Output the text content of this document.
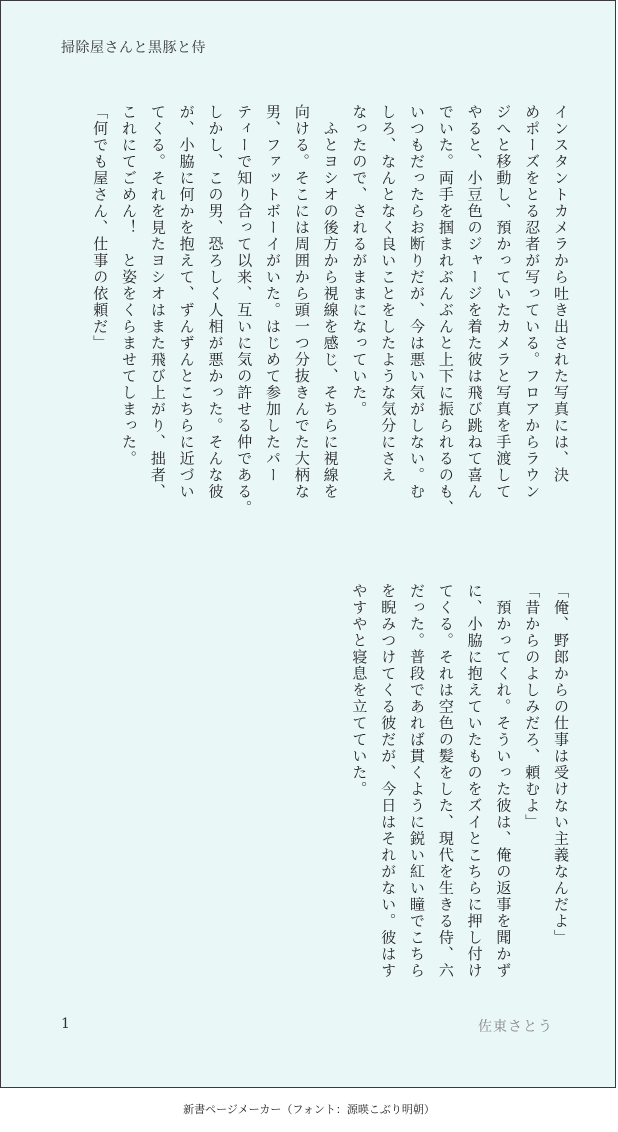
掃除屋さんと黒豚と侍
インスタントカメラから吐き出された写真には、決
めポーズをとる忍者が写っている。フロアからラウン
ジへと移動し、預かっていたカメラと写真を手渡して
やると、小豆色のジャージを着た彼は飛び跳ねて喜ん
でいた。両手を掴まれぶんぶんと上下に振られるのも、
いつもだったらお断りだが、今は悪い気がしない。む
しろ、なんとなく良いことをしたような気分にさえ
なったので、されるがままになっていた。
　ふとヨシオの後方から視線を感じ、そちらに視線を
向ける。そこには周囲から頭一つ分抜きんでた大柄な
男、ファットボーイがいた。はじめて参加したパー
ティーで知り合って以来、互いに気の許せる仲である。
しかし、この男、恐ろしく人相が悪かった。そんな彼
が、小脇に何かを抱えて、ずんずんとこちらに近づい
てくる。それを見たヨシオはまた飛び上がり、拙者、
これにてごめん！　と姿をくらませてしまった。
「何でも屋さん、仕事の依頼だ」
「俺、野郎からの仕事は受けない主義なんだよ」
「昔からのよしみだろ、頼むよ」
　預かってくれ。そういった彼は、俺の返事を聞かず
に、小脇に抱えていたものをズイとこちらに押し付け
てくる。それは空色の髪をした、現代を生きる侍、六
だった。普段であれば貫くように鋭い紅い瞳でこちら
を睨みつけてくる彼だが、今日はそれがない。彼はす
やすやと寝息を立てていた。
1	佐東さとう
新書ページメーカー（フォント：源暎こぶり明朝）
